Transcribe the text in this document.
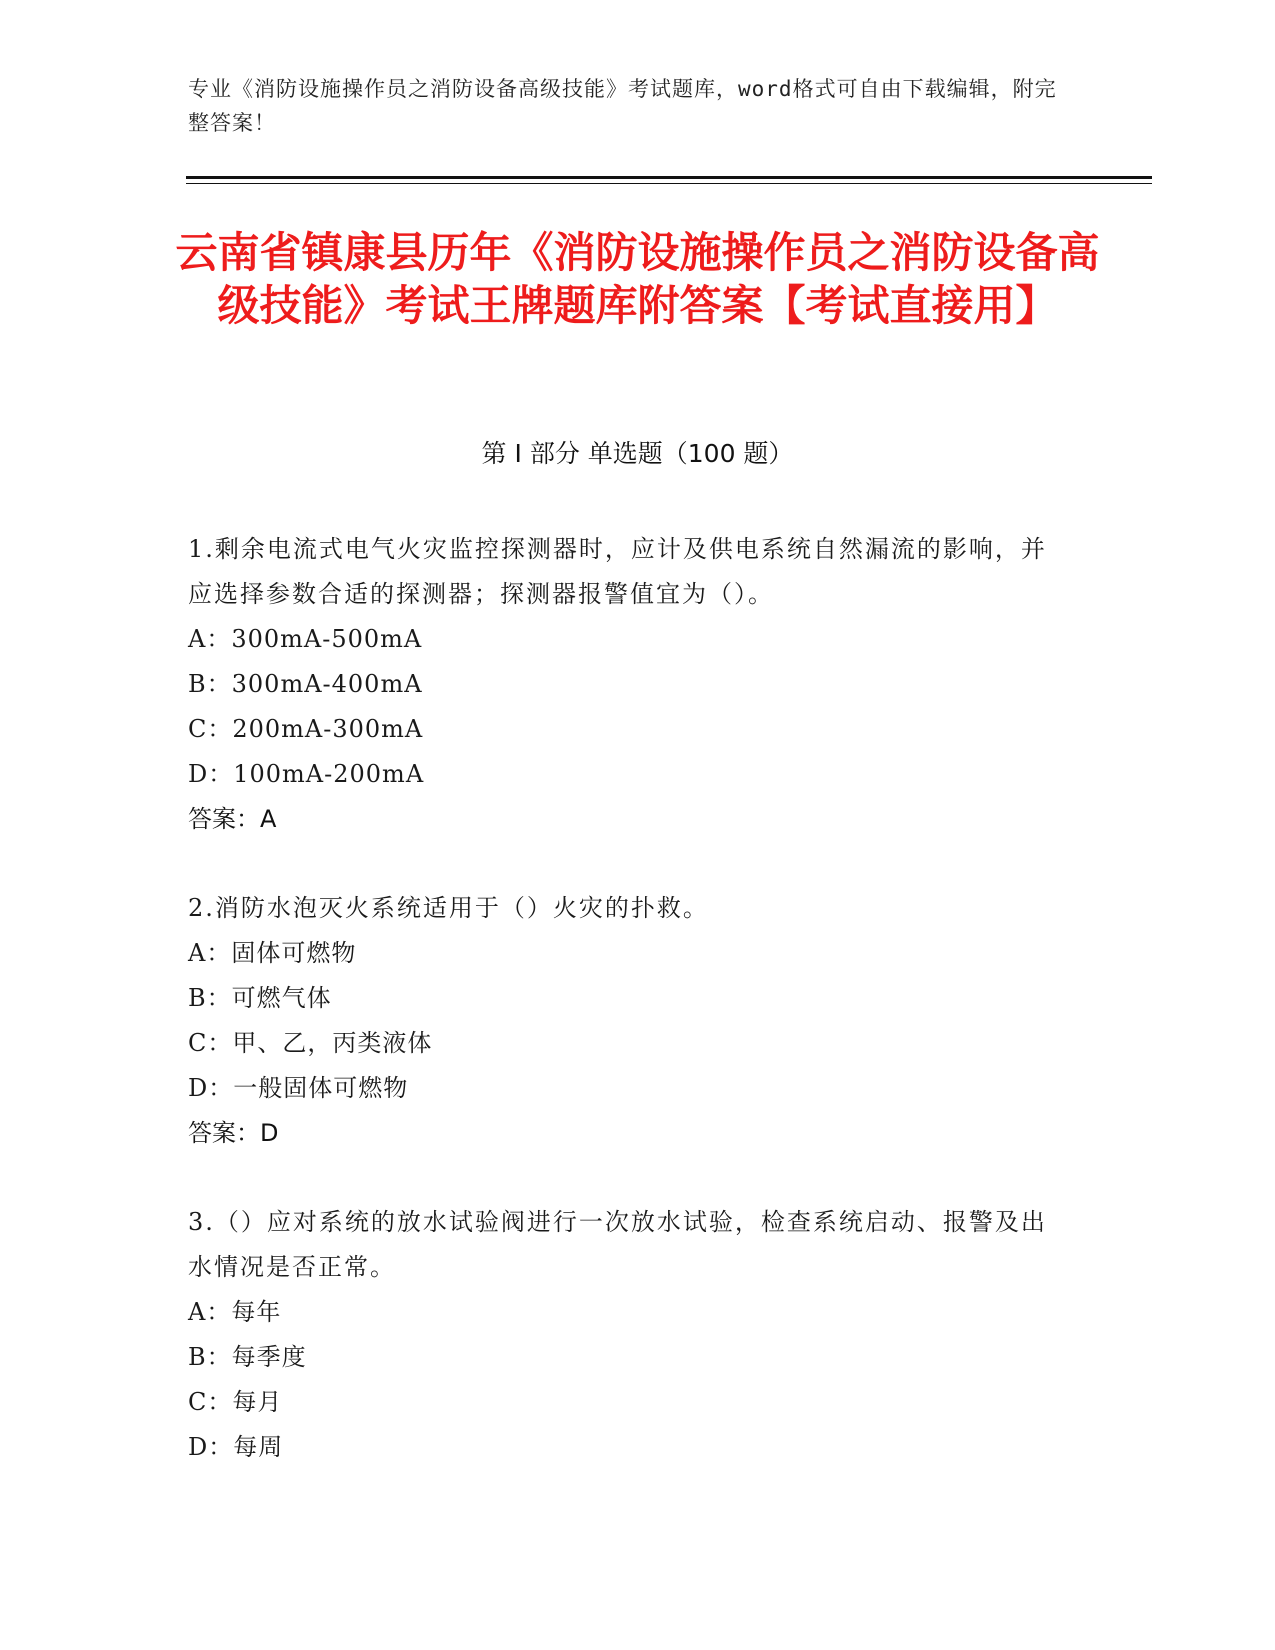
专业《消防设施操作员之消防设备高级技能》考试题库，word格式可自由下载编辑，附完整答案！
云南省镇康县历年《消防设施操作员之消防设备高级技能》考试王牌题库附答案【考试直接用】
第 I 部分 单选题（100 题）
1.剩余电流式电气火灾监控探测器时，应计及供电系统自然漏流的影响，并应选择参数合适的探测器；探测器报警值宜为（）。
A：300mA-500mA
B：300mA-400mA
C：200mA-300mA
D：100mA-200mA
答案：A
2.消防水泡灭火系统适用于（）火灾的扑救。
A：固体可燃物
B：可燃气体
C：甲、乙，丙类液体
D：一般固体可燃物
答案：D
3.（）应对系统的放水试验阀进行一次放水试验，检查系统启动、报警及出水情况是否正常。
A：每年
B：每季度
C：每月
D：每周
